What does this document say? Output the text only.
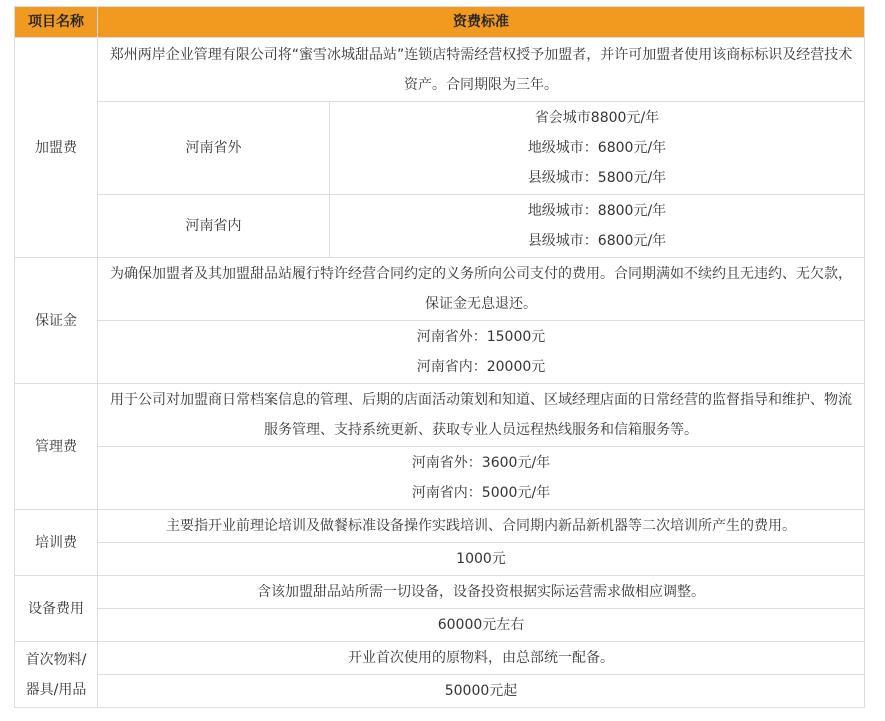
项目名称	资费标准	
加盟费	郑州两岸企业管理有限公司将“蜜雪冰城甜品站”连锁店特需经营权授予加盟者，并许可加盟者使用该商标标识及经营技术资产。合同期限为三年。	
	河南省外	省会城市8800元/年
地级城市：6800元/年
县级城市：5800元/年

	河南省内	地级城市：8800元/年
县级城市：6800元/年

保证金	为确保加盟者及其加盟甜品站履行特许经营合同约定的义务所向公司支付的费用。合同期满如不续约且无违约、无欠款，保证金无息退还。	

	河南省外：15000元
河南省内：20000元	

管理费	用于公司对加盟商日常档案信息的管理、后期的店面活动策划和知道、区域经理店面的日常经营的监督指导和维护、物流服务管理、支持系统更新、获取专业人员远程热线服务和信箱服务等。	

	河南省外：3600元/年
河南省内：5000元/年	

培训费	主要指开业前理论培训及做餐标准设备操作实践培训、合同期内新品新机器等二次培训所产生的费用。	
	1000元	
设备费用	含该加盟甜品站所需一切设备，设备投资根据实际运营需求做相应调整。	
	60000元左右	

首次物料/
器具/用品	开业首次使用的原物料，由总部统一配备。	
	50000元起	
